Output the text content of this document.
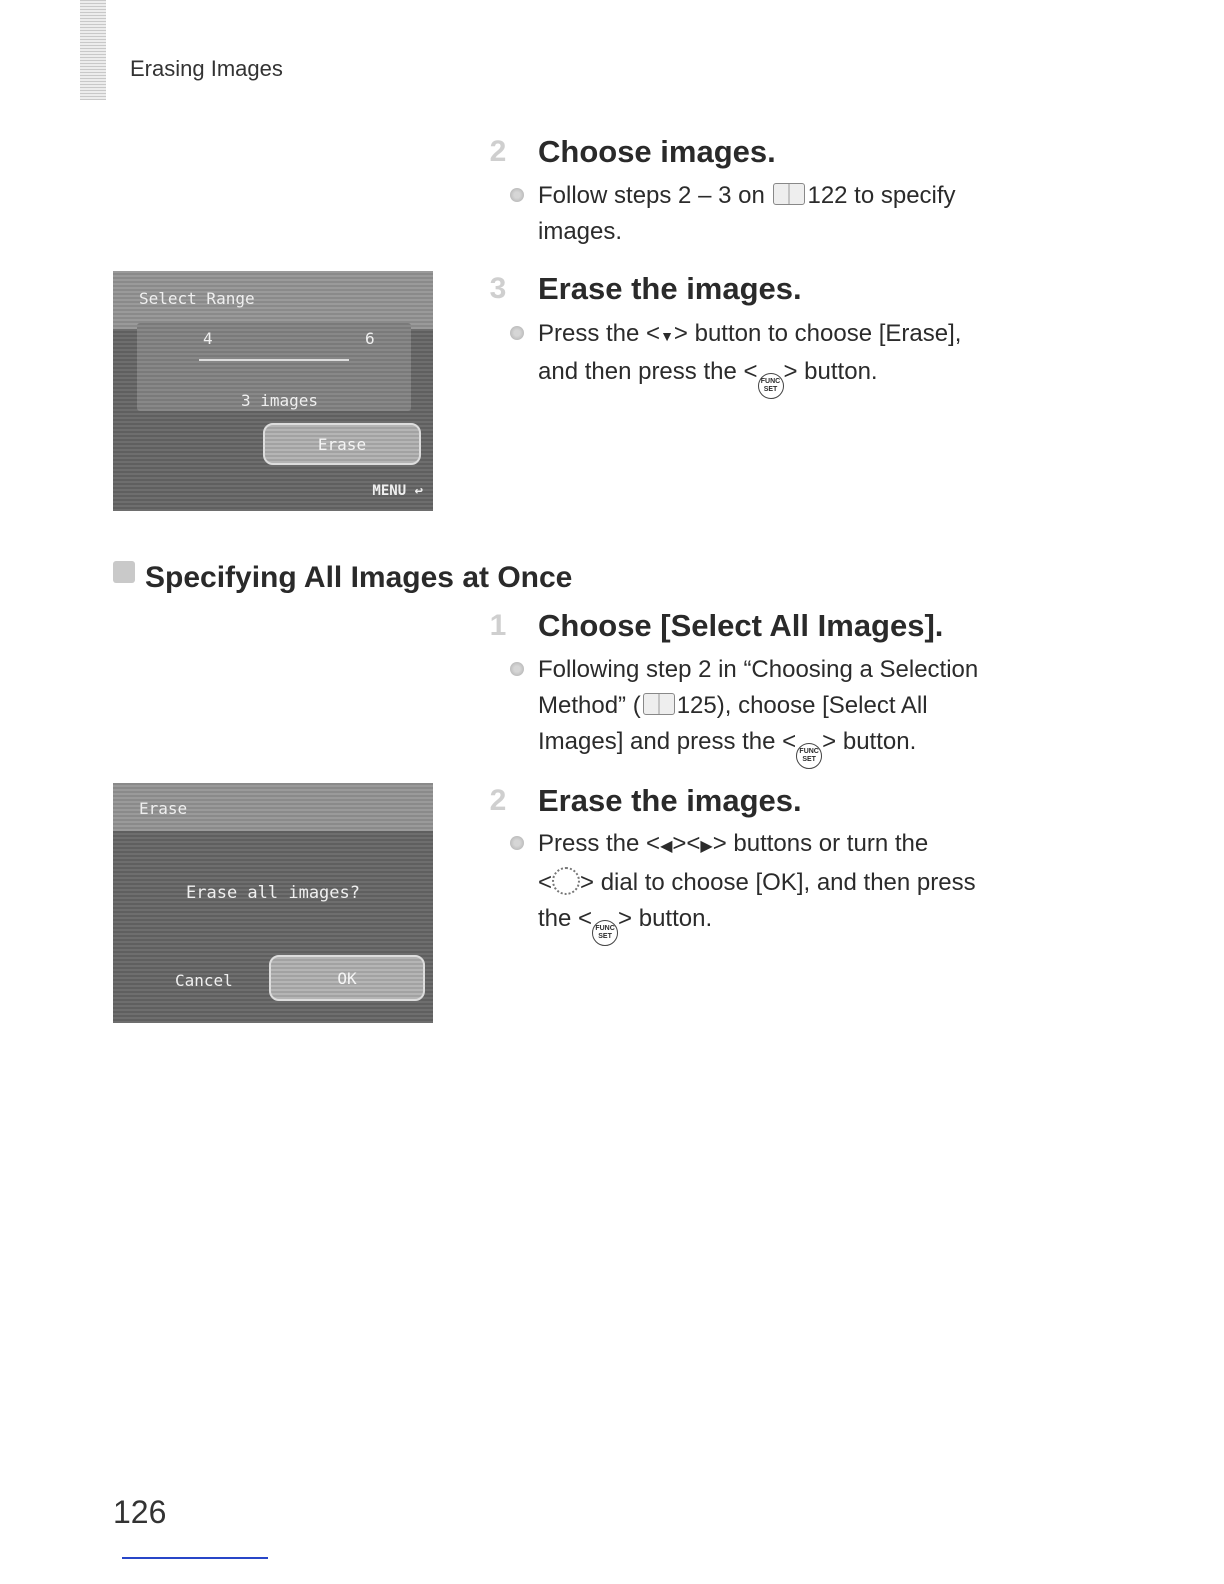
Erasing Images
2 Choose images.
Follow steps 2 – 3 on 122 to specify
images.
Select Range
4	6
3 images
Erase
MENU ↩
3 Erase the images.
Press the <▼> button to choose [Erase],
and then press the < FUNC
SET
> button.
Specifying All Images at Once
1 Choose [Select All Images].
Following step 2 in “Choosing a Selection
Method” ( 125), choose [Select All
Images] and press the < FUNC
SET
> button.
Erase
Erase all images?
Cancel	OK
2 Erase the images.
Press the <◀><▶> buttons or turn the
< > dial to choose [OK], and then press
the < FUNC
SET
> button.
126
